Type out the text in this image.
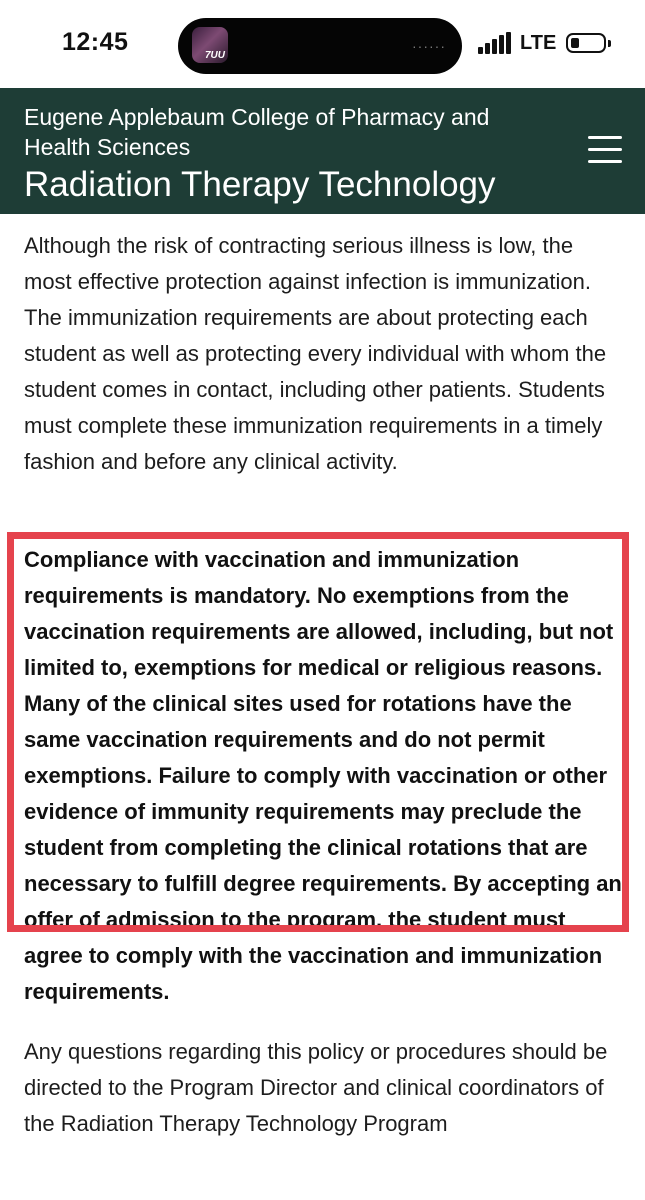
12:45	7UU
······	LTE
Eugene Applebaum College of Pharmacy and Health Sciences
Radiation Therapy Technology

Although the risk of contracting serious illness is low, the most effective protection against infection is immunization. The immunization requirements are about protecting each student as well as protecting every individual with whom the student comes in contact, including other patients. Students must complete these immunization requirements in a timely fashion and before any clinical activity.

Compliance with vaccination and immunization requirements is mandatory. No exemptions from the vaccination requirements are allowed, including, but not limited to, exemptions for medical or religious reasons. Many of the clinical sites used for rotations have the same vaccination requirements and do not permit exemptions. Failure to comply with vaccination or other evidence of immunity requirements may preclude the student from completing the clinical rotations that are necessary to fulfill degree requirements. By accepting an offer of admission to the program, the student must agree to comply with the vaccination and immunization requirements.

Any questions regarding this policy or procedures should be directed to the Program Director and clinical coordinators of the Radiation Therapy Technology Program
